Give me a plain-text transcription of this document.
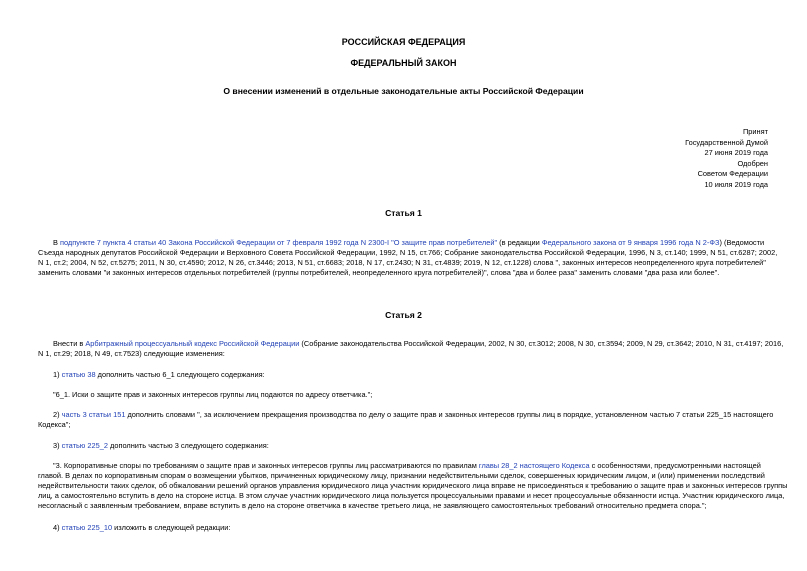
РОССИЙСКАЯ ФЕДЕРАЦИЯ
ФЕДЕРАЛЬНЫЙ ЗАКОН
О внесении изменений в отдельные законодательные акты Российской Федерации
Принят
Государственной Думой
27 июня 2019 года
Одобрен
Советом Федерации
10 июля 2019 года
Статья 1
В подпункте 7 пункта 4 статьи 40 Закона Российской Федерации от 7 февраля 1992 года N 2300-I "О защите прав потребителей" (в редакции Федерального закона от 9 января 1996 года N 2-ФЗ) (Ведомости
Съезда народных депутатов Российской Федерации и Верховного Совета Российской Федерации, 1992, N 15, ст.766; Собрание законодательства Российской Федерации, 1996, N 3, ст.140; 1999, N 51, ст.6287; 2002,
N 1, ст.2; 2004, N 52, ст.5275; 2011, N 30, ст.4590; 2012, N 26, ст.3446; 2013, N 51, ст.6683; 2018, N 17, ст.2430; N 31, ст.4839; 2019, N 12, ст.1228) слова ", законных интересов неопределенного круга потребителей"
заменить словами "и законных интересов отдельных потребителей (группы потребителей, неопределенного круга потребителей)", слова "два и более раза" заменить словами "два раза или более".
Статья 2
Внести в Арбитражный процессуальный кодекс Российской Федерации (Собрание законодательства Российской Федерации, 2002, N 30, ст.3012; 2008, N 30, ст.3594; 2009, N 29, ст.3642; 2010, N 31, ст.4197; 2016,
N 1, ст.29; 2018, N 49, ст.7523) следующие изменения:
1) статью 38 дополнить частью 6_1 следующего содержания:
"6_1. Иски о защите прав и законных интересов группы лиц подаются по адресу ответчика.";
2) часть 3 статьи 151 дополнить словами ", за исключением прекращения производства по делу о защите прав и законных интересов группы лиц в порядке, установленном частью 7 статьи 225_15 настоящего
Кодекса";
3) статью 225_2 дополнить частью 3 следующего содержания:
"3. Корпоративные споры по требованиям о защите прав и законных интересов группы лиц рассматриваются по правилам главы 28_2 настоящего Кодекса с особенностями, предусмотренными настоящей
главой. В делах по корпоративным спорам о возмещении убытков, причиненных юридическому лицу, признании недействительными сделок, совершенных юридическим лицом, и (или) применении последствий
недействительности таких сделок, об обжаловании решений органов управления юридического лица участник юридического лица вправе не присоединяться к требованию о защите прав и законных интересов группы
лиц, а самостоятельно вступить в дело на стороне истца. В этом случае участник юридического лица пользуется процессуальными правами и несет процессуальные обязанности истца. Участник юридического лица,
несогласный с заявленным требованием, вправе вступить в дело на стороне ответчика в качестве третьего лица, не заявляющего самостоятельных требований относительно предмета спора.";
4) статью 225_10 изложить в следующей редакции:
